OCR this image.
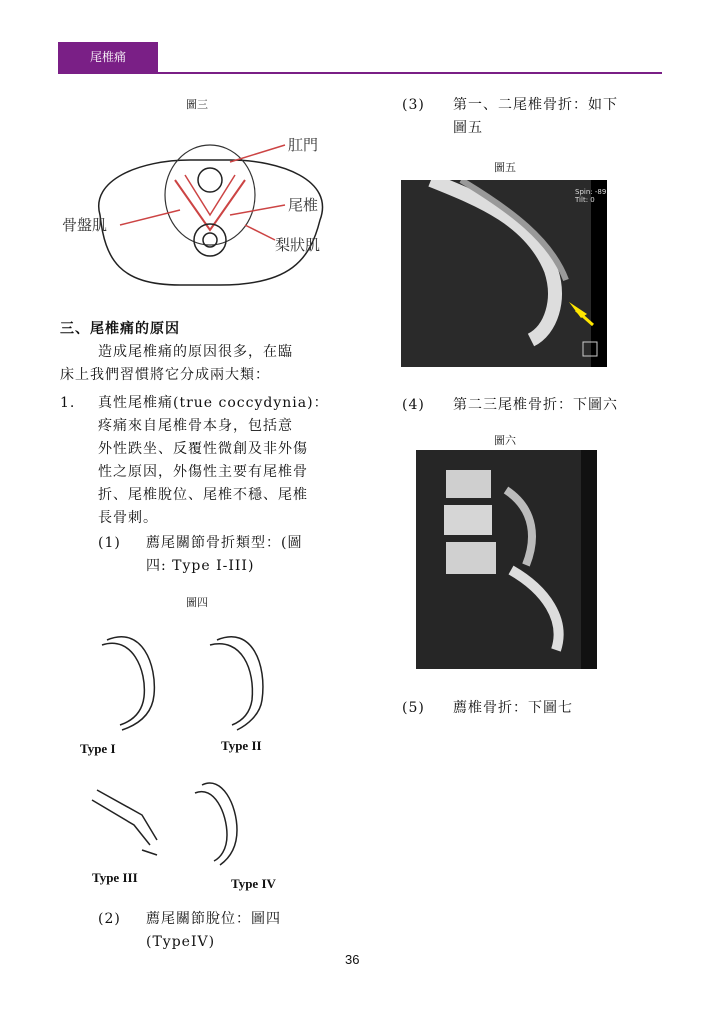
尾椎痛
圖三
肛門
尾椎
骨盤肌
梨狀肌
三、尾椎痛的原因
造成尾椎痛的原因很多，在臨
床上我們習慣將它分成兩大類：
1. 真性尾椎痛(true coccydynia)：
疼痛來自尾椎骨本身，包括意
外性跌坐、反覆性微創及非外傷
性之原因，外傷性主要有尾椎骨
折、尾椎脫位、尾椎不穩、尾椎
長骨刺。
(1) 薦尾關節骨折類型：(圖
四: Type I-III)
圖四
Type I	Type II
Type III	Type IV
(2) 薦尾關節脫位：圖四
(TypeIV)
(3) 第一、二尾椎骨折：如下
圖五
圖五
Spin: -89
Tilt: 0
(4) 第二三尾椎骨折：下圖六
圖六
(5) 薦椎骨折：下圖七
36
